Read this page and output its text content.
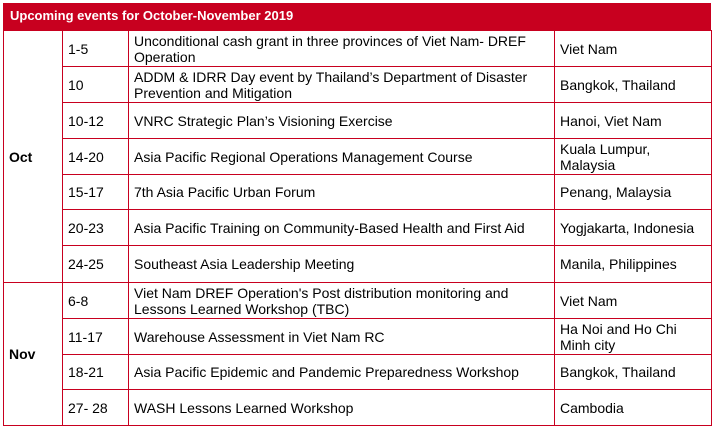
Upcoming events for October-November 2019
Oct	1-5	Unconditional cash grant in three provinces of Viet Nam- DREF Operation	Viet Nam
	10	ADDM & IDRR Day event by Thailand’s Department of Disaster Prevention and Mitigation	Bangkok, Thailand
	10-12	VNRC Strategic Plan’s Visioning Exercise	Hanoi, Viet Nam
	14-20	Asia Pacific Regional Operations Management Course	Kuala Lumpur, Malaysia
	15-17	7th Asia Pacific Urban Forum	Penang, Malaysia
	20-23	Asia Pacific Training on Community-Based Health and First Aid	Yogjakarta, Indonesia
	24-25	Southeast Asia Leadership Meeting	Manila, Philippines
Nov	6-8	Viet Nam DREF Operation's Post distribution monitoring and Lessons Learned Workshop (TBC)	Viet Nam
	11-17	Warehouse Assessment in Viet Nam RC	Ha Noi and Ho Chi Minh city
	18-21	Asia Pacific Epidemic and Pandemic Preparedness Workshop	Bangkok, Thailand
	27- 28	WASH Lessons Learned Workshop	Cambodia
